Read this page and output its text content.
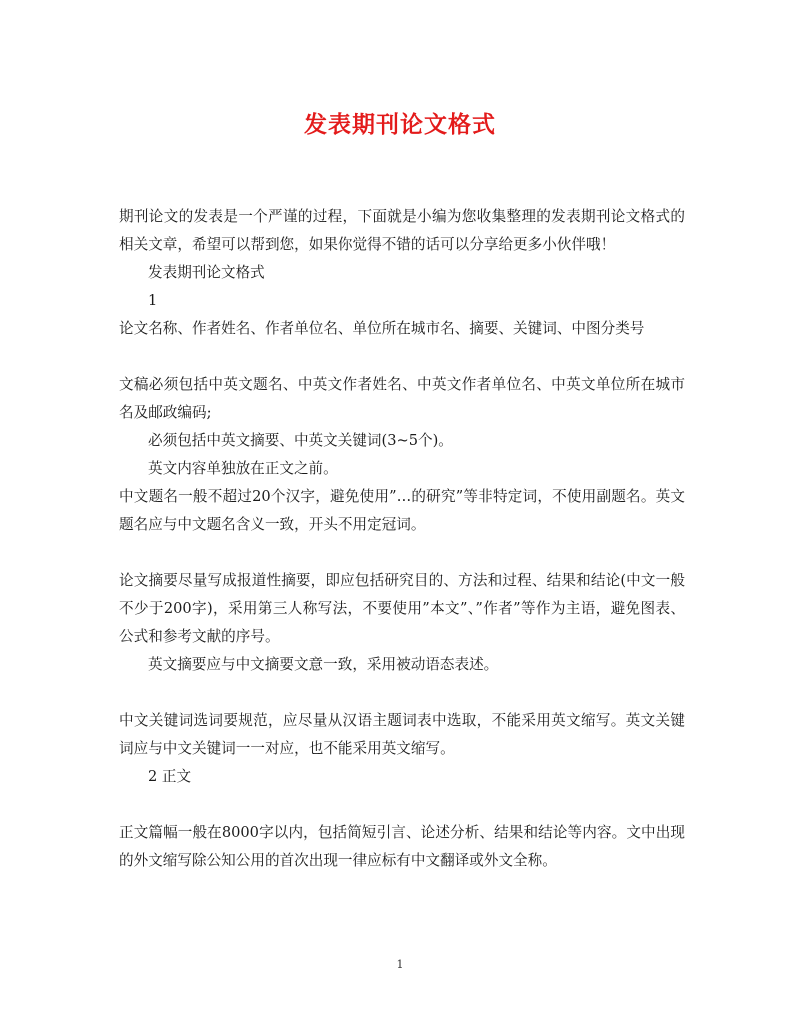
发表期刊论文格式

期刊论文的发表是一个严谨的过程，下面就是小编为您收集整理的发表期刊论文格式的相关文章，希望可以帮到您，如果你觉得不错的话可以分享给更多小伙伴哦！

发表期刊论文格式

1

论文名称、作者姓名、作者单位名、单位所在城市名、摘要、关键词、中图分类号

文稿必须包括中英文题名、中英文作者姓名、中英文作者单位名、中英文单位所在城市名及邮政编码;

必须包括中英文摘要、中英文关键词(3~5个)。

英文内容单独放在正文之前。

中文题名一般不超过20个汉字，避免使用”…的研究”等非特定词，不使用副题名。英文题名应与中文题名含义一致，开头不用定冠词。

论文摘要尽量写成报道性摘要，即应包括研究目的、方法和过程、结果和结论(中文一般不少于200字)，采用第三人称写法，不要使用”本文”、”作者”等作为主语，避免图表、公式和参考文献的序号。

英文摘要应与中文摘要文意一致，采用被动语态表述。

中文关键词选词要规范，应尽量从汉语主题词表中选取，不能采用英文缩写。英文关键词应与中文关键词一一对应，也不能采用英文缩写。

2 正文

正文篇幅一般在8000字以内，包括简短引言、论述分析、结果和结论等内容。文中出现的外文缩写除公知公用的首次出现一律应标有中文翻译或外文全称。

1
